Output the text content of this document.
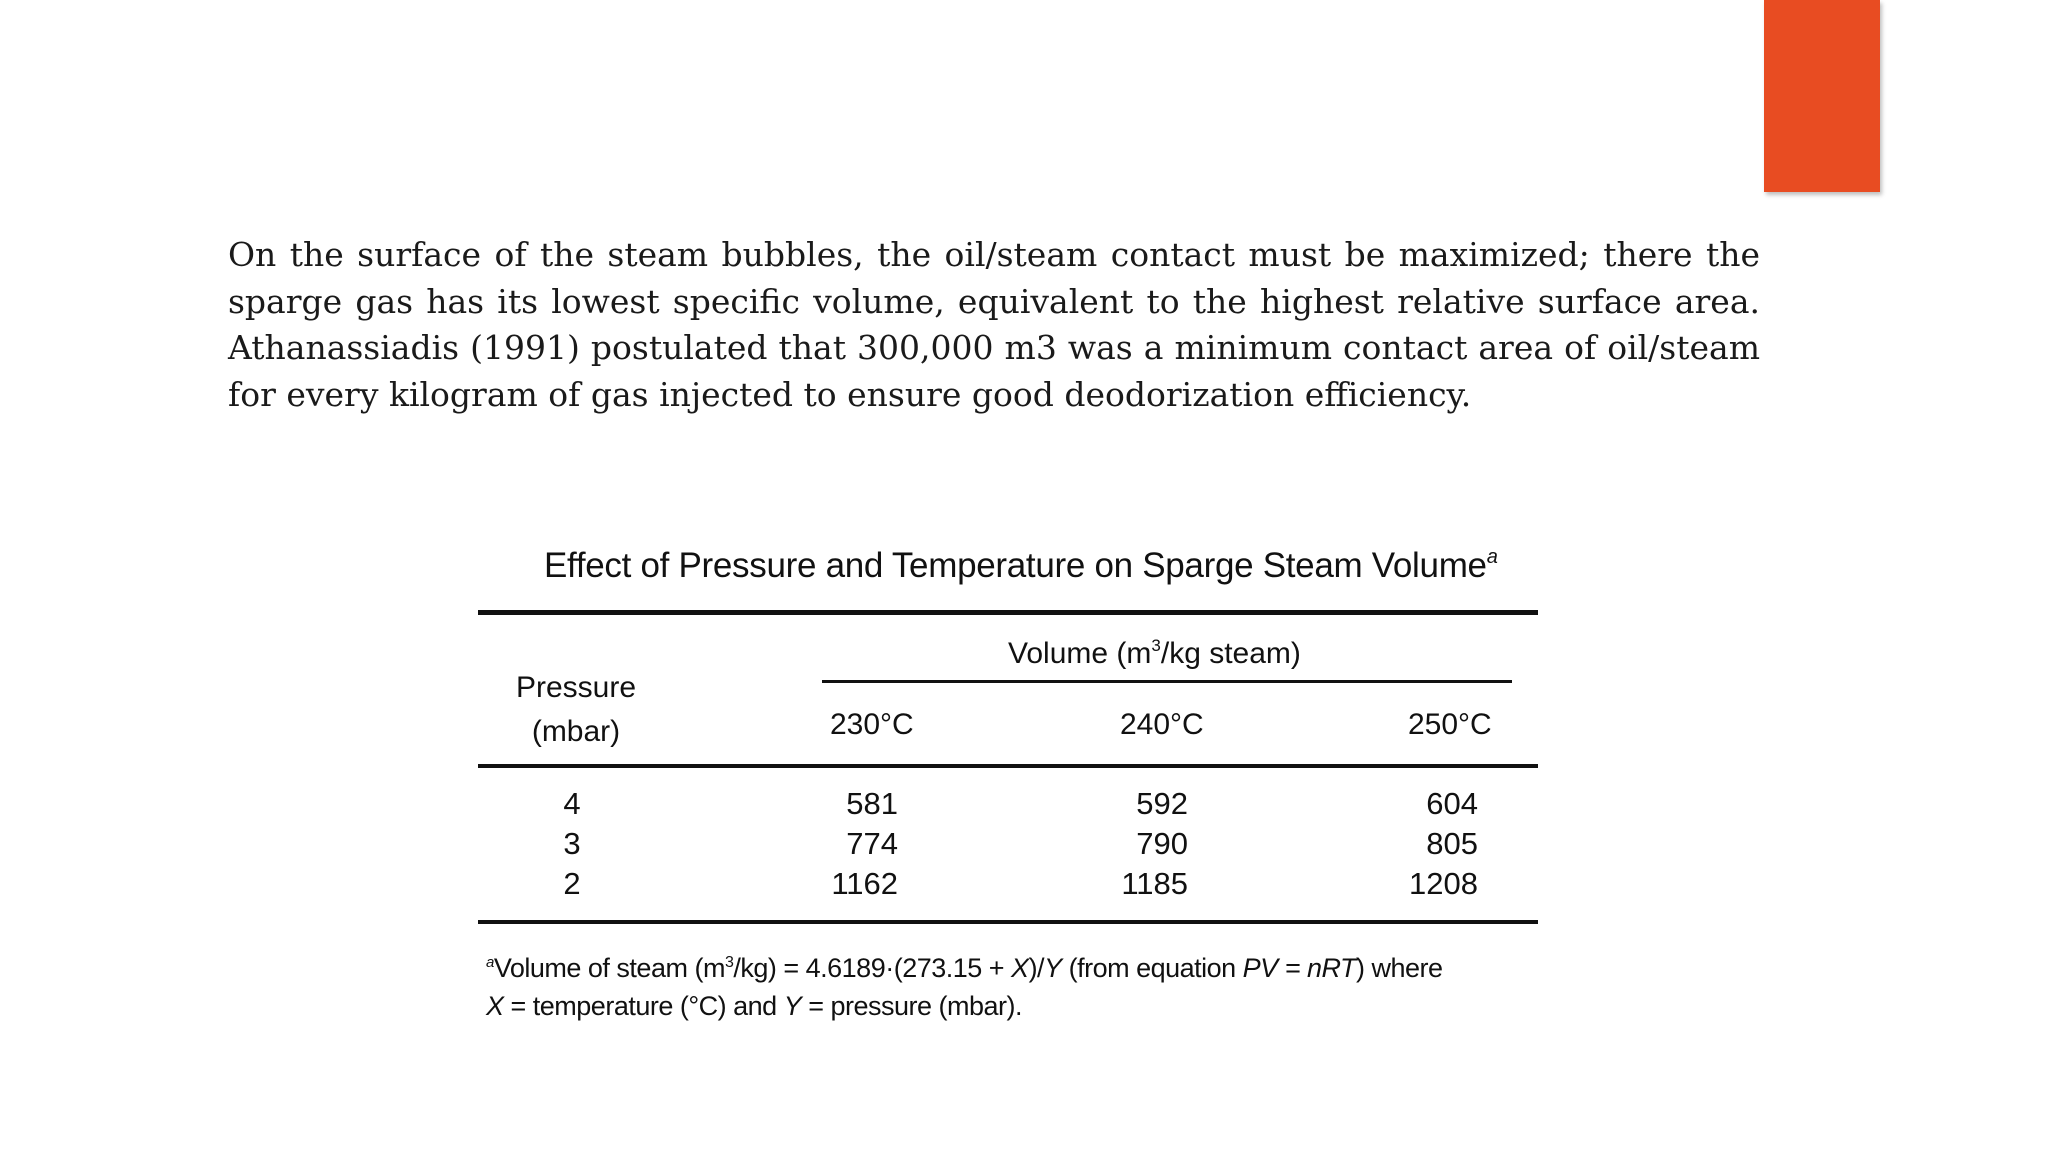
On the surface of the steam bubbles, the oil/steam contact must be maximized; there the sparge gas has its lowest specific volume, equivalent to the highest relative surface area. Athanassiadis (1991) postulated that 300,000 m3 was a minimum contact area of oil/steam for every kilogram of gas injected to ensure good deodorization efficiency.

Effect of Pressure and Temperature on Sparge Steam Volume$^a$
Volume ($m^3/kg$ steam)
Pressure
(mbar)	230°C	240°C	250°C
4	581	592	604
3	774	790	805
2	1162	1185	1208
$^a$Volume of steam $(m^3/kg) = 4.6189\cdot(273.15 + X)/Y$ (from equation PV = nRT) where
X = temperature (°C) and Y = pressure (mbar).
